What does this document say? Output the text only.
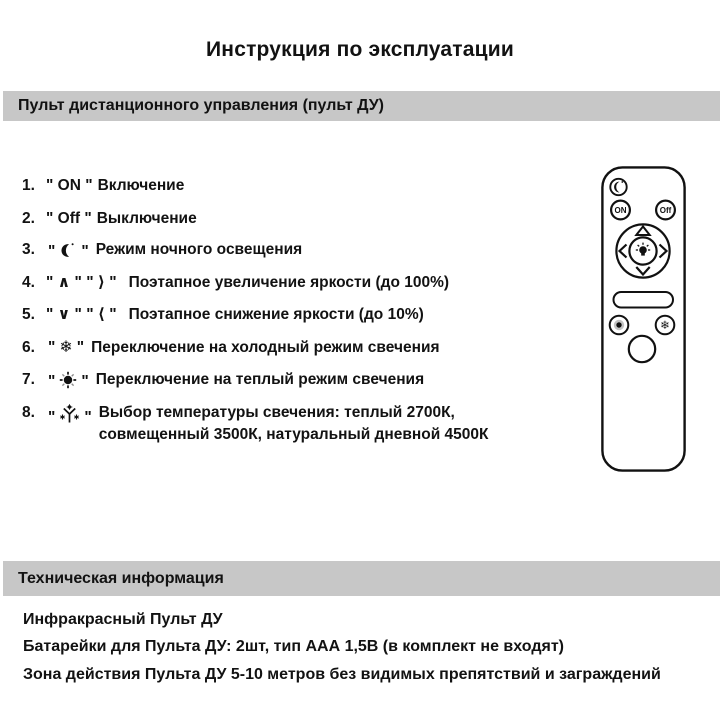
Инструкция по эксплуатации
Пульт дистанционного управления (пульт ДУ)
1. " ON " Включение
2. " Off " Выключение
3. " " Режим ночного освещения
4. " ∧ " " ⟩ " Поэтапное увеличение яркости (до 100%)
5. " ∨ " " ⟨ " Поэтапное снижение яркости (до 10%)
6. " ❄ " Переключение на холодный режим свечения
7. " " Переключение на теплый режим свечения
8. " " Выбор температуры свечения: теплый 2700К,
совмещенный 3500К, натуральный дневной 4500К
ON	Off
❄
Техническая информация
Инфракрасный Пульт ДУ
Батарейки для Пульта ДУ: 2шт, тип ААА 1,5В (в комплект не входят)
Зона действия Пульта ДУ 5-10 метров без видимых препятствий и заграждений
